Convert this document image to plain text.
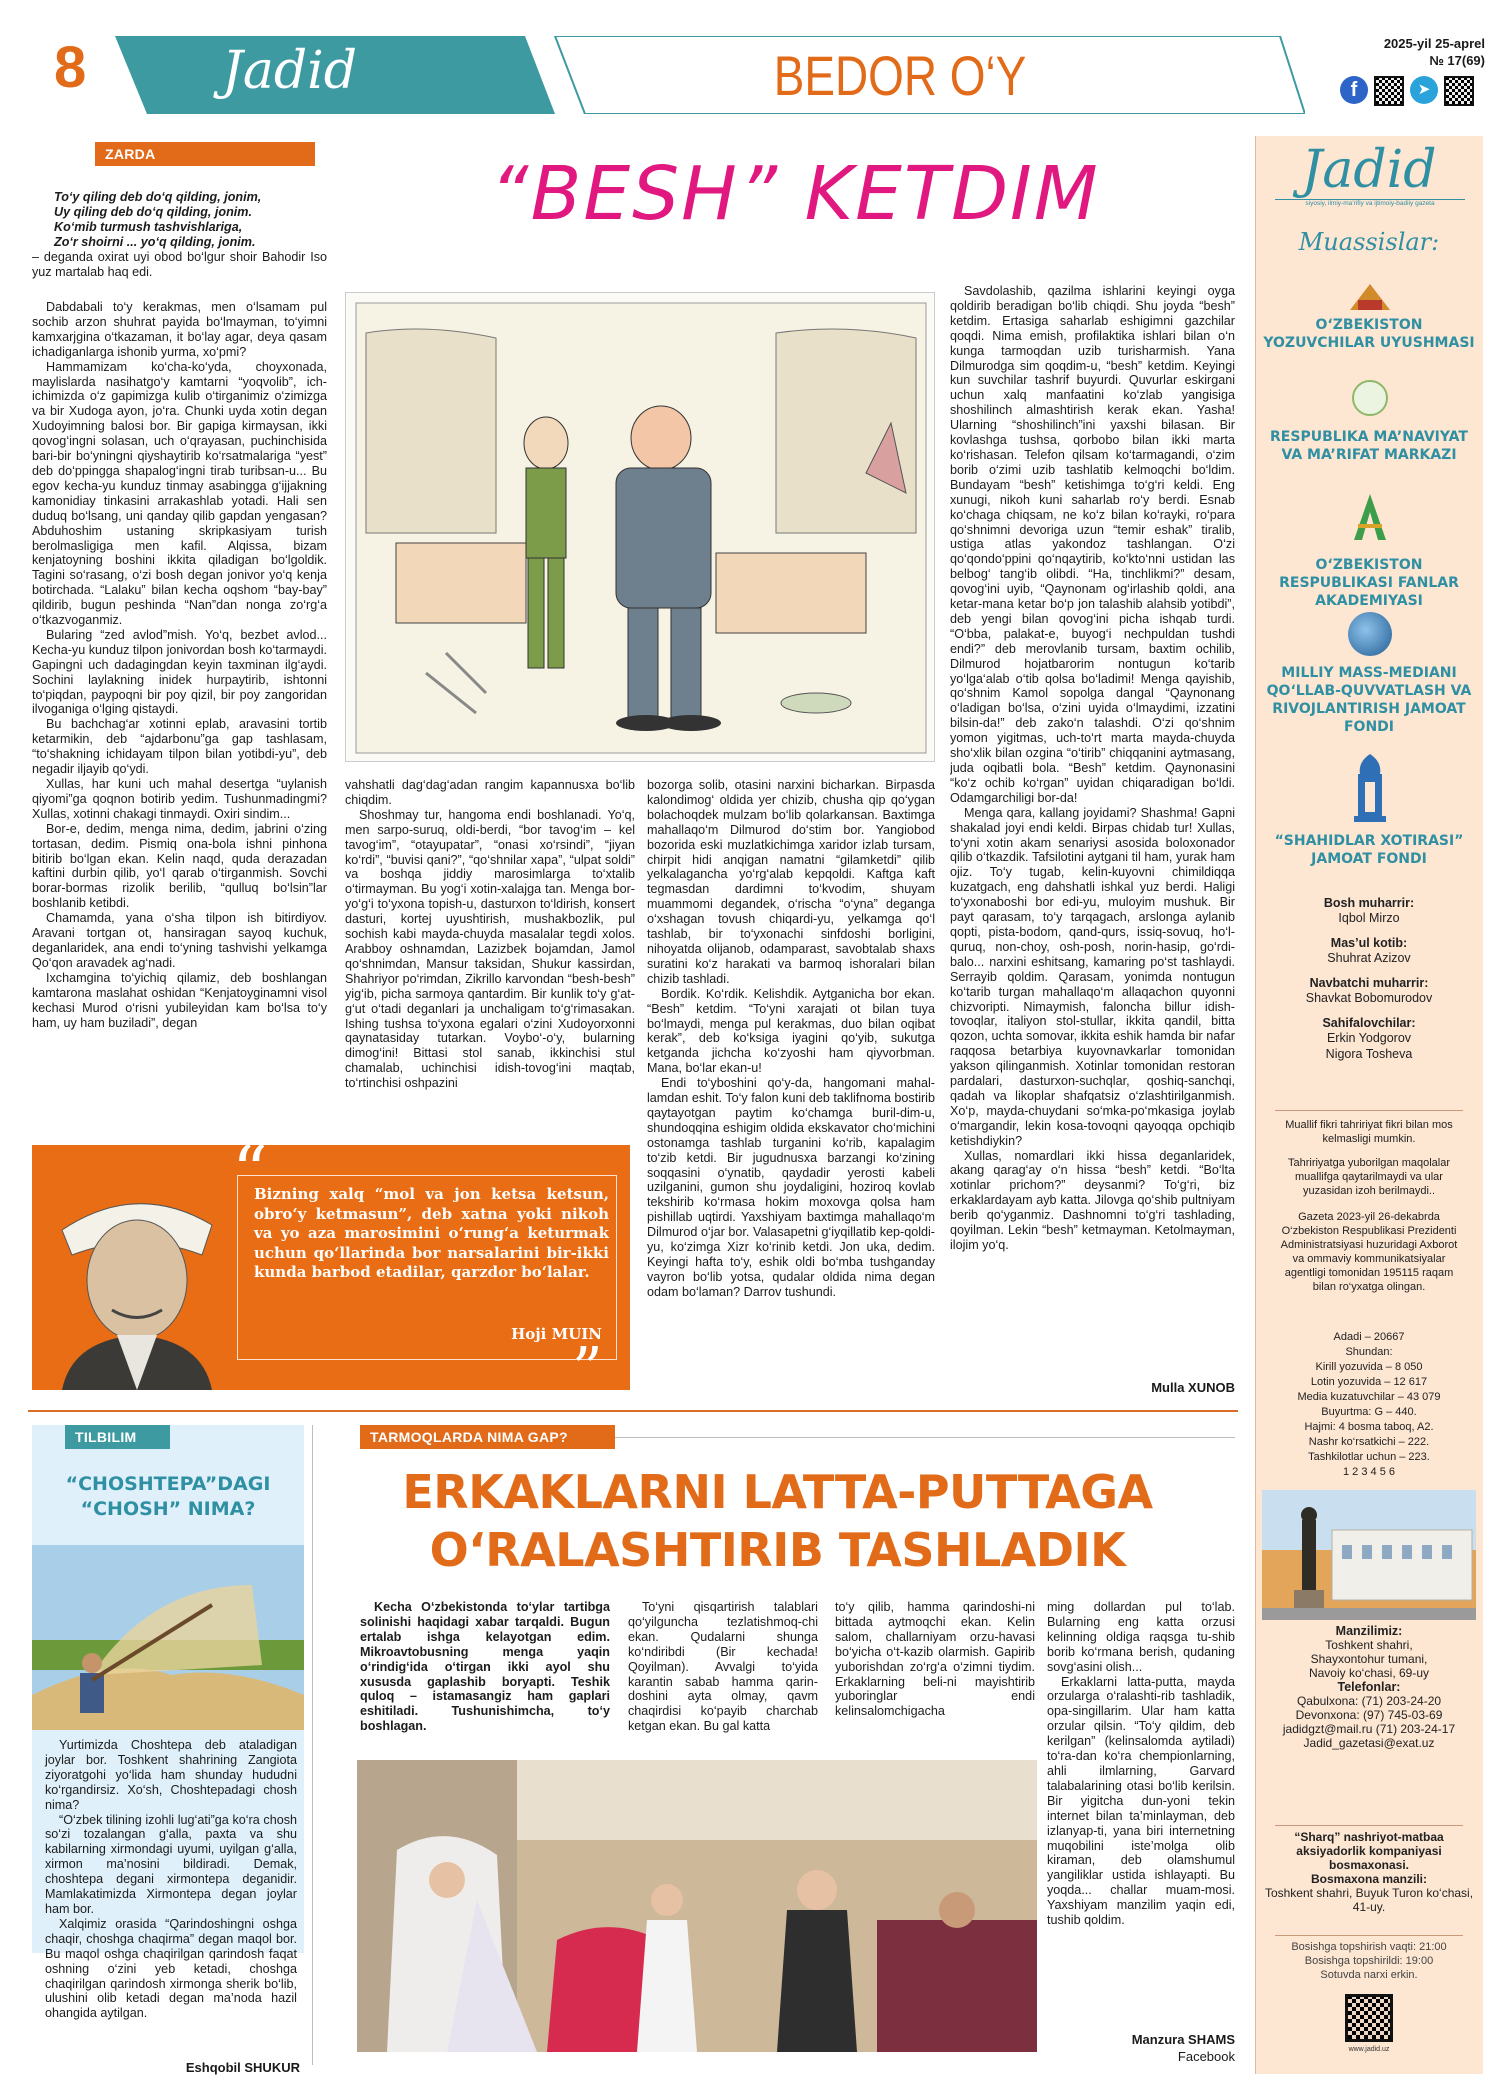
8	Jadid	BEDOR O‘Y
2025-yil 25-aprel
№ 17(69)
f	➤
ZARDA	“BESH” KETDIM
To‘y qiling deb do‘q qilding, jonim,
Uy qiling deb do‘q qilding, jonim.
Ko‘mib turmush tashvishlariga,
Zo‘r shoirni ... yo‘q qilding, jonim.
– deganda oxirat uyi obod bo‘lgur shoir Bahodir Iso yuz martalab haq edi.

Dabdabali to‘y kerakmas, men o‘lsamam pul sochib arzon shuhrat payida bo‘lmayman, to‘yimni kamxarjgina o‘tkazaman, it bo‘lay agar, deya qasam ichadiganlarga ishonib yurma, xo‘pmi?

Hammamizam ko‘cha-ko‘yda, choyxonada, maylislarda nasihatgo‘y kamtarni “yoqvolib”, ich-ichimizda o‘z gapimizga kulib o‘tirganimiz o‘zimizga va bir Xudoga ayon, jo‘ra. Chunki uyda xotin degan Xudoyimning balosi bor. Bir gapiga kirmaysan, ikki qovog‘ingni solasan, uch o‘qrayasan, puchinchisida bari-bir bo‘yningni qiyshaytirib ko‘rsatmalariga “yest” deb do‘ppingga shapalog‘ingni tirab turibsan-u... Bu egov kecha-yu kunduz tinmay asabingga g‘ijjakning kamonidiay tinkasini arrakashlab yotadi. Hali sen duduq bo‘lsang, uni qanday qilib gapdan yengasan? Abduhoshim ustaning skripkasiyam turish berolmasligiga men kafil. Alqissa, bizam kenjatoyning boshini ikkita qiladigan bo‘lgoldik. Tagini so‘rasang, o‘zi bosh degan jonivor yo‘q kenja botirchada. “Lalaku” bilan kecha oqshom “bay-bay” qildirib, bugun peshinda “Nan”dan nonga zo‘rg‘a o‘tkazvoganmiz.

Bularing “zed avlod”mish. Yo‘q, bezbet avlod... Kecha-yu kunduz tilpon jonivordan bosh ko‘tarmaydi. Gapingni uch dadagingdan keyin taxminan ilg‘aydi. Sochini laylakning inidek hurpaytirib, ishtonni to‘piqdan, paypoqni bir poy qizil, bir poy zangoridan ilvoganiga o‘lging qistaydi.

Bu bachchag‘ar xotinni eplab, aravasini tortib ketarmikin, deb “ajdarbonu”ga gap tashlasam, “to‘shakning ichidayam tilpon bilan yotibdi-yu”, deb negadir iljayib qo‘ydi.

Xullas, har kuni uch mahal desertga “uylanish qiyomi”ga qoqnon botirib yedim. Tushunmadingmi? Xullas, xotinni chakagi tinmaydi. Oxiri sindim...

Bor-e, dedim, menga nima, dedim, jabrini o‘zing tortasan, dedim. Pismiq ona-bola ishni pinhona bitirib bo‘lgan ekan. Kelin naqd, quda derazadan kaftini durbin qilib, yo‘l qarab o‘tirganmish. Sovchi borar-bormas rizolik berilib, “qulluq bo‘lsin”lar boshlanib ketibdi.

Chamamda, yana o‘sha tilpon ish bitirdiyov. Aravani tortgan ot, hansiragan sayoq kuchuk, deganlaridek, ana endi to‘yning tashvishi yelkamga Qo‘qon aravadek ag‘nadi.

Ixchamgina to‘yichiq qilamiz, deb boshlangan kamtarona maslahat oshidan “Kenjatoyginamni visol kechasi Murod o‘risni yubileyidan kam bo‘lsa to‘y ham, uy ham buziladi”, degan

vahshatli dag‘dag‘adan rangim kapannusxa bo‘lib chiqdim.

Shoshmay tur, hangoma endi boshlanadi. Yo‘q, men sarpo-suruq, oldi-berdi, “bor tavog‘im – kel tavog‘im”, “otayupatar”, “onasi xo‘rsindi”, “jiyan ko‘rdi”, “buvisi qani?”, “qo‘shnilar xapa”, “ulpat soldi” va boshqa jiddiy marosimlarga to‘xtalib o‘tirmayman. Bu yog‘i xotin-xalajga tan. Menga bor-yo‘g‘i to‘yxona topish-u, dasturxon to‘ldirish, konsert dasturi, kortej uyushtirish, mushakbozlik, pul sochish kabi mayda-chuyda masalalar tegdi xolos. Arabboy oshnamdan, Lazizbek bojamdan, Jamol qo‘shnimdan, Mansur taksidan, Shukur kassirdan, Shahriyor po‘rimdan, Zikrillo karvondan “besh-besh” yig‘ib, picha sarmoya qantardim. Bir kunlik to‘y g‘at-g‘ut o‘tadi deganlari ja unchaligam to‘g‘rimasakan. Ishing tushsa to‘yxona egalari o‘zini Xudoyorxonni qaynatasiday tutarkan. Voybo‘-o‘y, bularning dimog‘ini! Bittasi stol sanab, ikkinchisi stul chamalab, uchinchisi idish-tovog‘ini maqtab, to‘rtinchisi oshpazini

bozorga solib, otasini narxini bicharkan. Birpasda kalondimog‘ oldida yer chizib, chusha qip qo‘ygan bolachoqdek mulzam bo‘lib qolarkansan. Baxtimga mahallaqo‘m Dilmurod do‘stim bor. Yangiobod bozorida eski muzlatkichimga xaridor izlab tursam, chirpit hidi anqigan namatni “gilamketdi” qilib yelkalagancha yo‘rg‘alab kepqoldi. Kaftga kaft tegmasdan dardimni to‘kvodim, shuyam muammomi degandek, o‘rischa “o‘yna” deganga o‘xshagan tovush chiqardi-yu, yelkamga qo‘l tashlab, bir to‘yxonachi sinfdoshi borligini, nihoyatda olijanob, odamparast, savobtalab shaxs suratini ko‘z harakati va barmoq ishoralari bilan chizib tashladi.

Bordik. Ko‘rdik. Kelishdik. Aytganicha bor ekan. “Besh” ketdim. “To‘yni xarajati ot bilan tuya bo‘lmaydi, menga pul kerakmas, duo bilan oqibat kerak”, deb ko‘ksiga iyagini qo‘yib, sukutga ketganda jichcha ko‘zyoshi ham qiyvorbman. Mana, bo‘lar ekan-u!

Endi to‘yboshini qo‘y-da, hangomani mahal-lamdan eshit. To‘y falon kuni deb taklifnoma bostirib qaytayotgan paytim ko‘chamga buril-dim-u, shundoqqina eshigim oldida ekskavator cho‘michini ostonamga tashlab turganini ko‘rib, kapalagim to‘zib ketdi. Bir jugudnusxa barzangi ko‘zining soqqasini o‘ynatib, qaydadir yerosti kabeli uzilganini, gumon shu joydaligini, hoziroq kovlab tekshirib ko‘rmasa hokim moxovga qolsa ham pishillab uqtirdi. Yaxshiyam baxtimga mahallaqo‘m Dilmurod o‘jar bor. Valasapetni g‘iyqillatib kep-qoldi-yu, ko‘zimga Xizr ko‘rinib ketdi. Jon uka, dedim. Keyingi hafta to‘y, eshik oldi bo‘mba tushganday vayron bo‘lib yotsa, qudalar oldida nima degan odam bo‘laman? Darrov tushundi.

Savdolashib, qazilma ishlarini keyingi oyga qoldirib beradigan bo‘lib chiqdi. Shu joyda “besh” ketdim. Ertasiga saharlab eshigimni gazchilar qoqdi. Nima emish, profilaktika ishlari bilan o‘n kunga tarmoqdan uzib turisharmish. Yana Dilmurodga sim qoqdim-u, “besh” ketdim. Keyingi kun suvchilar tashrif buyurdi. Quvurlar eskirgani uchun xalq manfaatini ko‘zlab yangisiga shoshilinch almashtirish kerak ekan. Yasha! Ularning “shoshilinch”ini yaxshi bilasan. Bir kovlashga tushsa, qorbobo bilan ikki marta ko‘rishasan. Telefon qilsam ko‘tarmagandi, o‘zim borib o‘zimi uzib tashlatib kelmoqchi bo‘ldim. Bundayam “besh” ketishimga to‘g‘ri keldi. Eng xunugi, nikoh kuni saharlab ro‘y berdi. Esnab ko‘chaga chiqsam, ne ko‘z bilan ko‘rayki, ro‘para qo‘shnimni devoriga uzun “temir eshak” tiralib, ustiga atlas yakondoz tashlangan. O‘zi qo‘qondo‘ppini qo‘nqaytirib, ko‘kto‘nni ustidan las belbog‘ tang‘ib olibdi. “Ha, tinchlikmi?” desam, qovog‘ini uyib, “Qaynonam og‘irlashib qoldi, ana ketar-mana ketar bo‘p jon talashib alahsib yotibdi”, deb yengi bilan qovog‘ini picha ishqab turdi. “O‘bba, palakat-e, buyog‘i nechpuldan tushdi endi?” deb merovlanib tursam, baxtim ochilib, Dilmurod hojatbarorim nontugun ko‘tarib yo‘lga‘alab o‘tib qolsa bo‘ladimi! Menga qayishib, qo‘shnim Kamol sopolga dangal “Qaynonang o‘ladigan bo‘lsa, o‘zini uyida o‘lmaydimi, izzatini bilsin-da!” deb zako‘n talashdi. O‘zi qo‘shnim yomon yigitmas, uch-to‘rt marta mayda-chuyda sho‘xlik bilan ozgina “o‘tirib” chiqqanini aytmasang, juda oqibatli bola. “Besh” ketdim. Qaynonasini “ko‘z ochib ko‘rgan” uyidan chiqaradigan bo‘ldi. Odamgarchiligi bor-da!

Menga qara, kallang joyidami? Shashma! Gapni shakalad joyi endi keldi. Birpas chidab tur! Xullas, to‘yni xotin akam senariysi asosida boloxonador qilib o‘tkazdik. Tafsilotini aytgani til ham, yurak ham ojiz. To‘y tugab, kelin-kuyovni chimildiqqa kuzatgach, eng dahshatli ishkal yuz berdi. Haligi to‘yxonaboshi bor edi-yu, muloyim mushuk. Bir payt qarasam, to‘y tarqagach, arslonga aylanib qopti, pista-bodom, qand-qurs, issiq-sovuq, ho‘l-quruq, non-choy, osh-posh, norin-hasip, go‘rdi-balo... narxini eshitsang, kamaring po‘st tashlaydi. Serrayib qoldim. Qarasam, yonimda nontugun ko‘tarib turgan mahallaqo‘m allaqachon quyonni chizvoripti. Nimaymish, falonchа billur idish-tovoqlar, italiyon stol-stullar, ikkita qandil, bitta qozon, uchta somovar, ikkita eshik hamda bir nafar raqqosa betarbiya kuyovnavkarlar tomonidan yakson qilinganmish. Xotinlar tomonidan restoran pardalari, dasturxon-suchqlar, qoshiq-sanchqi, qadah va likoplar shafqatsiz o‘zlashtirilganmish. Xo‘p, mayda-chuydani so‘mka-po‘mkasiga joylab o‘margandir, lekin kosa-tovoqni qayoqqa opchiqib ketishdiykin?

Xullas, nomardlari ikki hissa deganlaridek, akang qarag‘ay o‘n hissa “besh” ketdi. “Bo‘lta xotinlar prichom?” deysanmi? To‘g‘ri, biz erkaklardayam ayb katta. Jilovga qo‘shib pultniyam berib qo‘yganmiz. Dashnomni to‘g‘ri tashlading, qoyilman. Lekin “besh” ketmayman. Ketolmayman, ilojim yo‘q.

Mulla XUNOB
“
Bizning xalq “mol va jon ketsa ketsun, obro‘y ketmasun”, deb xatna yoki nikoh va yo aza marosimini o‘rung‘a keturmak uchun qo‘llarinda bor narsalarini bir-ikki kunda barbod etadilar, qarzdor bo‘lalar.
Hoji MUIN
”
TILBILIM
“CHOSHTEPA”DAGI
“CHOSH” NIMA?

Yurtimizda Choshtepa deb ataladigan joylar bor. Toshkent shahrining Zangiota ziyoratgohi yo‘lida ham shunday hududni ko‘rgandirsiz. Xo‘sh, Choshtepadagi chosh nima?

“O‘zbek tilining izohli lug‘ati”ga ko‘ra chosh so‘zi tozalangan g‘alla, paxta va shu kabilarning xirmondagi uyumi, uyilgan g‘alla, xirmon ma’nosini bildiradi. Demak, choshtepa degani xirmontepa deganidir. Mamlakatimizda Xirmontepa degan joylar ham bor.

Xalqimiz orasida “Qarindoshingni oshga chaqir, choshga chaqirma” degan maqol bor. Bu maqol oshga chaqirilgan qarindosh faqat oshning o‘zini yeb ketadi, choshga chaqirilgan qarindosh xirmonga sherik bo‘lib, ulushini olib ketadi degan ma’noda hazil ohangida aytilgan.

Eshqobil SHUKUR
TARMOQLARDA NIMA GAP?
ERKAKLARNI LATTA-PUTTAGA
O‘RALASHTIRIB TASHLADIK
Kecha O‘zbekistonda to‘ylar tartibga solinishi haqidagi xabar tarqaldi. Bugun ertalab ishga kelayotgan edim. Mikroavtobusning menga yaqin o‘rindig‘ida o‘tirgan ikki ayol shu xususda gaplashib boryapti. Teshik quloq – istamasangiz ham gaplari eshitiladi. Tushunishimcha, to‘y boshlagan.
To‘yni qisqartirish talablari qo‘yilguncha tezlatishmoq-chi ekan. Qudalarni shunga ko‘ndiribdi (Bir kechada! Qoyilman). Avvalgi to‘yida karantin sabab hamma qarin-doshini ayta olmay, qavm chaqirdisi ko‘payib charchab ketgan ekan. Bu gal katta
to‘y qilib, hamma qarindoshi-ni bittada aytmoqchi ekan. Kelin salom, challarniyam orzu-havasi bo‘yicha o‘t-kazib olarmish. Gapirib yuborishdan zo‘rg‘a o‘zimni tiydim. Erkaklarning beli-ni mayishtirib yuboringlar endi kelinsalomchigacha

ming dollardan pul to‘lab. Bularning eng katta orzusi kelinning oldiga raqsga tu-shib borib ko‘rmana berish, qudaning sovg‘asini olish...

Erkaklarni latta-putta, mayda orzularga o‘ralashti-rib tashladik, opa-singillarim. Ular ham katta orzular qilsin. “To‘y qildim, deb kerilgan” (kelinsalomda aytiladi) to‘ra-dan ko‘ra chempionlarning, ahli ilmlarning, Garvard talabalarining otasi bo‘lib kerilsin. Bir yigitcha dun-yoni tekin internet bilan ta’minlayman, deb izlanyap-ti, yana biri internetning muqobilini iste’molga olib kiraman, deb olamshumul yangiliklar ustida ishlayapti. Bu yoqda... challar muam-mosi. Yaxshiyam manzilim yaqin edi, tushib qoldim.

Manzura SHAMS
Facebook
Jadid
siyosiy, ilmiy-ma’rifiy va ijtimoiy-badiiy gazeta
Muassislar:
O‘ZBEKISTON YOZUVCHILAR UYUSHMASI
RESPUBLIKA MA’NAVIYAT VA MA’RIFAT MARKAZI
O‘ZBEKISTON RESPUBLIKASI FANLAR AKADEMIYASI
MILLIY MASS-MEDIANI QO‘LLAB-QUVVATLASH VA RIVOJLANTIRISH JAMOAT FONDI
“SHAHIDLAR XOTIRASI” JAMOAT FONDI
Bosh muharrir:
Iqbol Mirzo
Mas’ul kotib:
Shuhrat Azizov
Navbatchi muharrir:
Shavkat Bobomurodov
Sahifalovchilar:
Erkin Yodgorov
Nigora Tosheva
Muallif fikri tahririyat fikri bilan mos kelmasligi mumkin.
Tahririyatga yuborilgan maqolalar muallifga qaytarilmaydi va ular yuzasidan izoh berilmaydi..
Gazeta 2023-yil 26-dekabrda O‘zbekiston Respublikasi Prezidenti Administratsiyasi huzuridagi Axborot va ommaviy kommunikatsiyalar agentligi tomonidan 195115 raqam bilan ro‘yxatga olingan.
Adadi – 20667
Shundan:
Kirill yozuvida – 8 050
Lotin yozuvida – 12 617
Media kuzatuvchilar – 43 079
Buyurtma: G – 440.
Hajmi: 4 bosma taboq, A2.
Nashr ko‘rsatkichi – 222.
Tashkilotlar uchun – 223.
1 2 3 4 5 6
Manzilimiz:
Toshkent shahri,
Shayxontohur tumani,
Navoiy ko‘chasi, 69-uy
Telefonlar:
Qabulxona: (71) 203-24-20
Devonxona: (97) 745-03-69
jadidgzt@mail.ru (71) 203-24-17
Jadid_gazetasi@exat.uz
“Sharq” nashriyot-matbaa aksiyadorlik kompaniyasi bosmaxonasi.
Bosmaxona manzili:
Toshkent shahri, Buyuk Turon ko‘chasi, 41-uy.
Bosishga topshirish vaqti: 21:00
Bosishga topshirildi: 19:00
Sotuvda narxi erkin.
www.jadid.uz
